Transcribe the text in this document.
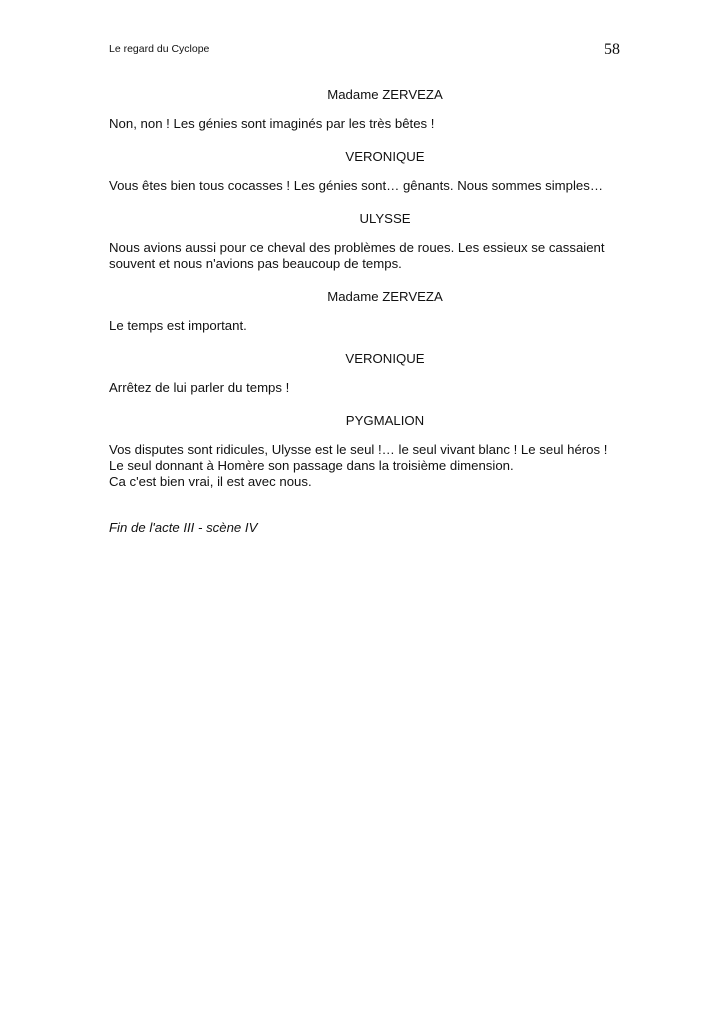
Le regard du Cyclope	58
Madame ZERVEZA
Non, non ! Les génies sont imaginés par les très bêtes !
VERONIQUE
Vous êtes bien tous cocasses ! Les génies sont… gênants. Nous sommes simples…
ULYSSE
Nous avions aussi pour ce cheval des problèmes de roues. Les essieux se cassaient
souvent et nous n'avions pas beaucoup de temps.
Madame ZERVEZA
Le temps est important.
VERONIQUE
Arrêtez de lui parler du temps !
PYGMALION
Vos disputes sont ridicules, Ulysse est le seul !… le seul vivant blanc ! Le seul héros !
Le seul donnant à Homère son passage dans la troisième dimension.
Ca c'est bien vrai, il est avec nous.
Fin de l'acte III - scène IV
